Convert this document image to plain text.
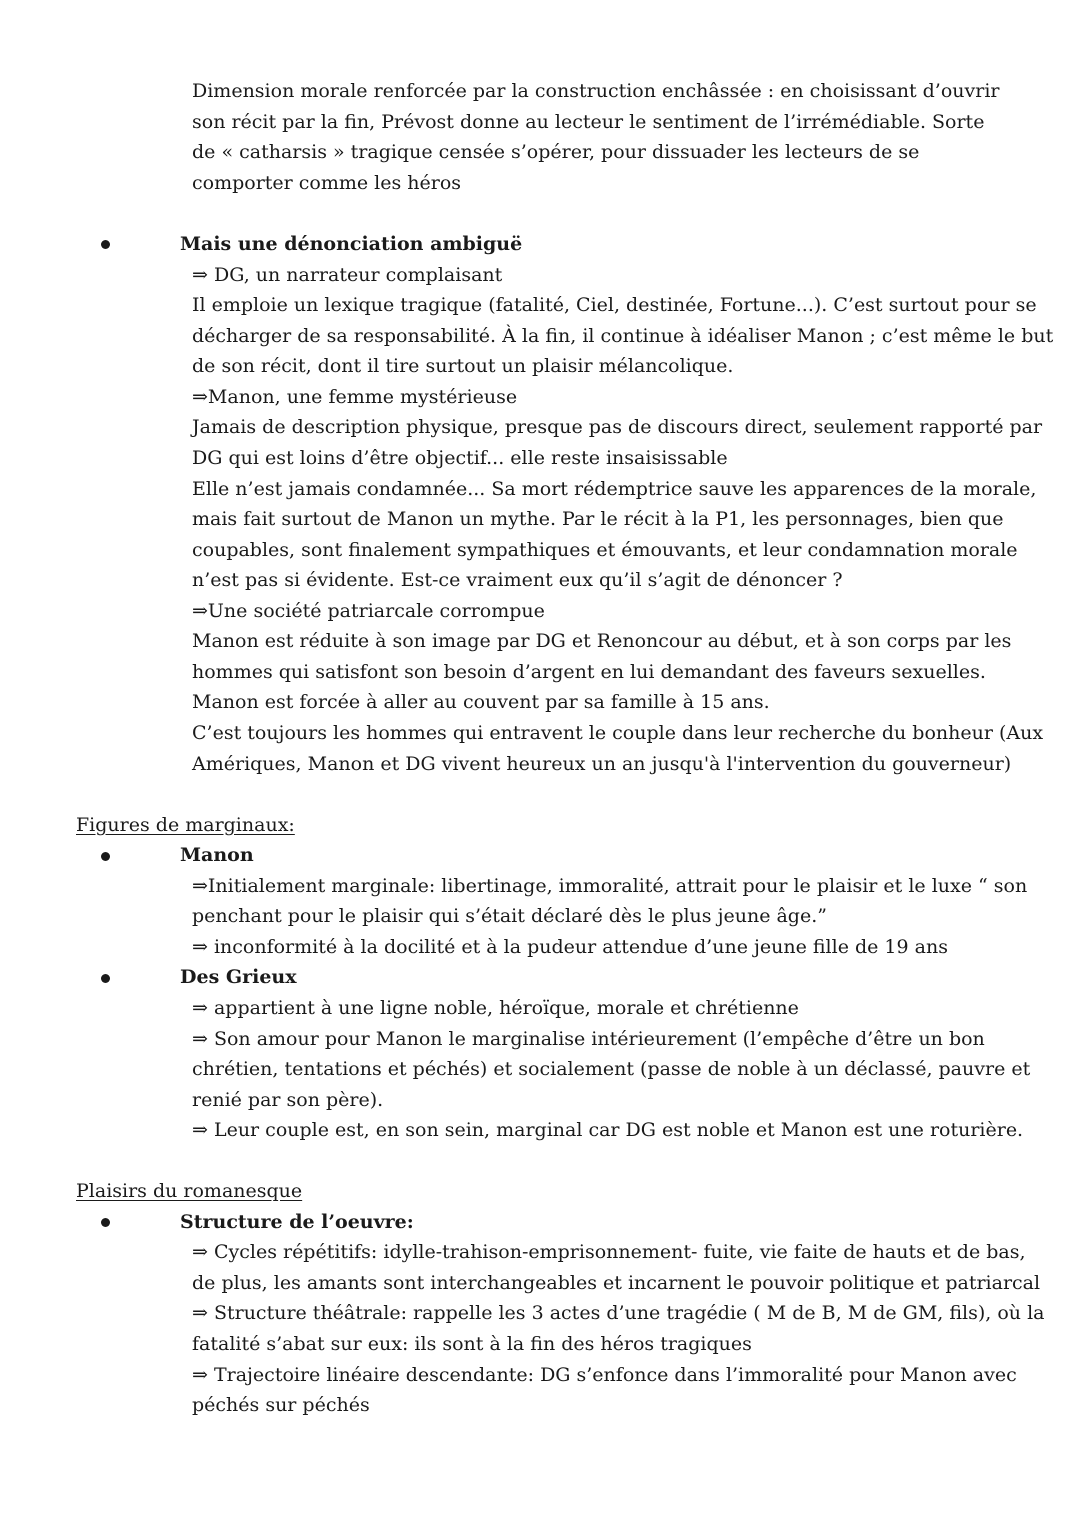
Dimension morale renforcée par la construction enchâssée : en choisissant d’ouvrir
son récit par la fin, Prévost donne au lecteur le sentiment de l’irrémédiable. Sorte
de « catharsis » tragique censée s’opérer, pour dissuader les lecteurs de se
comporter comme les héros
Mais une dénonciation ambiguë
⇒ DG, un narrateur complaisant
Il emploie un lexique tragique (fatalité, Ciel, destinée, Fortune...). C’est surtout pour se
décharger de sa responsabilité. À la fin, il continue à idéaliser Manon ; c’est même le but
de son récit, dont il tire surtout un plaisir mélancolique.
⇒Manon, une femme mystérieuse
Jamais de description physique, presque pas de discours direct, seulement rapporté par
DG qui est loins d’être objectif... elle reste insaisissable
Elle n’est jamais condamnée... Sa mort rédemptrice sauve les apparences de la morale,
mais fait surtout de Manon un mythe. Par le récit à la P1, les personnages, bien que
coupables, sont finalement sympathiques et émouvants, et leur condamnation morale
n’est pas si évidente. Est-ce vraiment eux qu’il s’agit de dénoncer ?
⇒Une société patriarcale corrompue
Manon est réduite à son image par DG et Renoncour au début, et à son corps par les
hommes qui satisfont son besoin d’argent en lui demandant des faveurs sexuelles.
Manon est forcée à aller au couvent par sa famille à 15 ans.
C’est toujours les hommes qui entravent le couple dans leur recherche du bonheur (Aux
Amériques, Manon et DG vivent heureux un an jusqu'à l'intervention du gouverneur)
Figures de marginaux:
Manon
⇒Initialement marginale: libertinage, immoralité, attrait pour le plaisir et le luxe “ son
penchant pour le plaisir qui s’était déclaré dès le plus jeune âge.”
⇒ inconformité à la docilité et à la pudeur attendue d’une jeune fille de 19 ans
Des Grieux
⇒ appartient à une ligne noble, héroïque, morale et chrétienne
⇒ Son amour pour Manon le marginalise intérieurement (l’empêche d’être un bon
chrétien, tentations et péchés) et socialement (passe de noble à un déclassé, pauvre et
renié par son père).
⇒ Leur couple est, en son sein, marginal car DG est noble et Manon est une roturière.
Plaisirs du romanesque
Structure de l’oeuvre:
⇒ Cycles répétitifs: idylle-trahison-emprisonnement- fuite, vie faite de hauts et de bas,
de plus, les amants sont interchangeables et incarnent le pouvoir politique et patriarcal
⇒ Structure théâtrale: rappelle les 3 actes d’une tragédie ( M de B, M de GM, fils), où la
fatalité s’abat sur eux: ils sont à la fin des héros tragiques
⇒ Trajectoire linéaire descendante: DG s’enfonce dans l’immoralité pour Manon avec
péchés sur péchés
